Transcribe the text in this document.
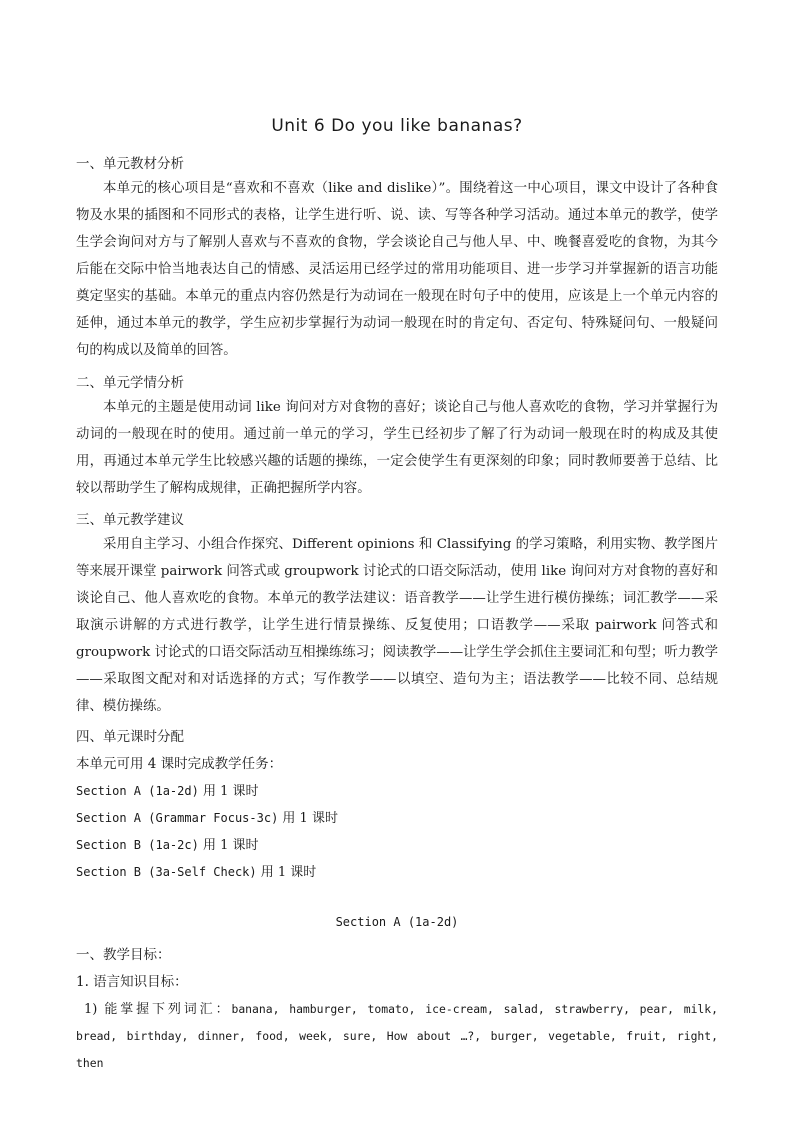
Unit 6 Do you like bananas?
一、单元教材分析
本单元的核心项目是“喜欢和不喜欢（like and dislike）”。围绕着这一中心项目，课文中设计了各种食物及水果的插图和不同形式的表格，让学生进行听、说、读、写等各种学习活动。通过本单元的教学，使学生学会询问对方与了解别人喜欢与不喜欢的食物，学会谈论自己与他人早、中、晚餐喜爱吃的食物，为其今后能在交际中恰当地表达自己的情感、灵活运用已经学过的常用功能项目、进一步学习并掌握新的语言功能奠定坚实的基础。本单元的重点内容仍然是行为动词在一般现在时句子中的使用，应该是上一个单元内容的延伸，通过本单元的教学，学生应初步掌握行为动词一般现在时的肯定句、否定句、特殊疑问句、一般疑问句的构成以及简单的回答。
二、单元学情分析
本单元的主题是使用动词 like 询问对方对食物的喜好；谈论自己与他人喜欢吃的食物，学习并掌握行为动词的一般现在时的使用。通过前一单元的学习，学生已经初步了解了行为动词一般现在时的构成及其使用，再通过本单元学生比较感兴趣的话题的操练，一定会使学生有更深刻的印象；同时教师要善于总结、比较以帮助学生了解构成规律，正确把握所学内容。
三、单元教学建议
采用自主学习、小组合作探究、Different opinions 和 Classifying 的学习策略，利用实物、教学图片等来展开课堂 pairwork 问答式或 groupwork 讨论式的口语交际活动，使用 like 询问对方对食物的喜好和谈论自己、他人喜欢吃的食物。本单元的教学法建议：语音教学——让学生进行模仿操练；词汇教学——采取演示讲解的方式进行教学，让学生进行情景操练、反复使用；口语教学——采取 pairwork 问答式和 groupwork 讨论式的口语交际活动互相操练练习；阅读教学——让学生学会抓住主要词汇和句型；听力教学——采取图文配对和对话选择的方式；写作教学——以填空、造句为主；语法教学——比较不同、总结规律、模仿操练。
四、单元课时分配
本单元可用 4 课时完成教学任务：
Section A (1a-2d) 用 1 课时
Section A (Grammar Focus-3c) 用 1 课时
Section B (1a-2c) 用 1 课时
Section B (3a-Self Check) 用 1 课时
Section A (1a-2d)
一、教学目标：
1. 语言知识目标：
1) 能掌握下列词汇：banana, hamburger, tomato, ice-cream, salad, strawberry, pear, milk, bread, birthday, dinner, food, week, sure, How about …?, burger, vegetable, fruit, right, then
